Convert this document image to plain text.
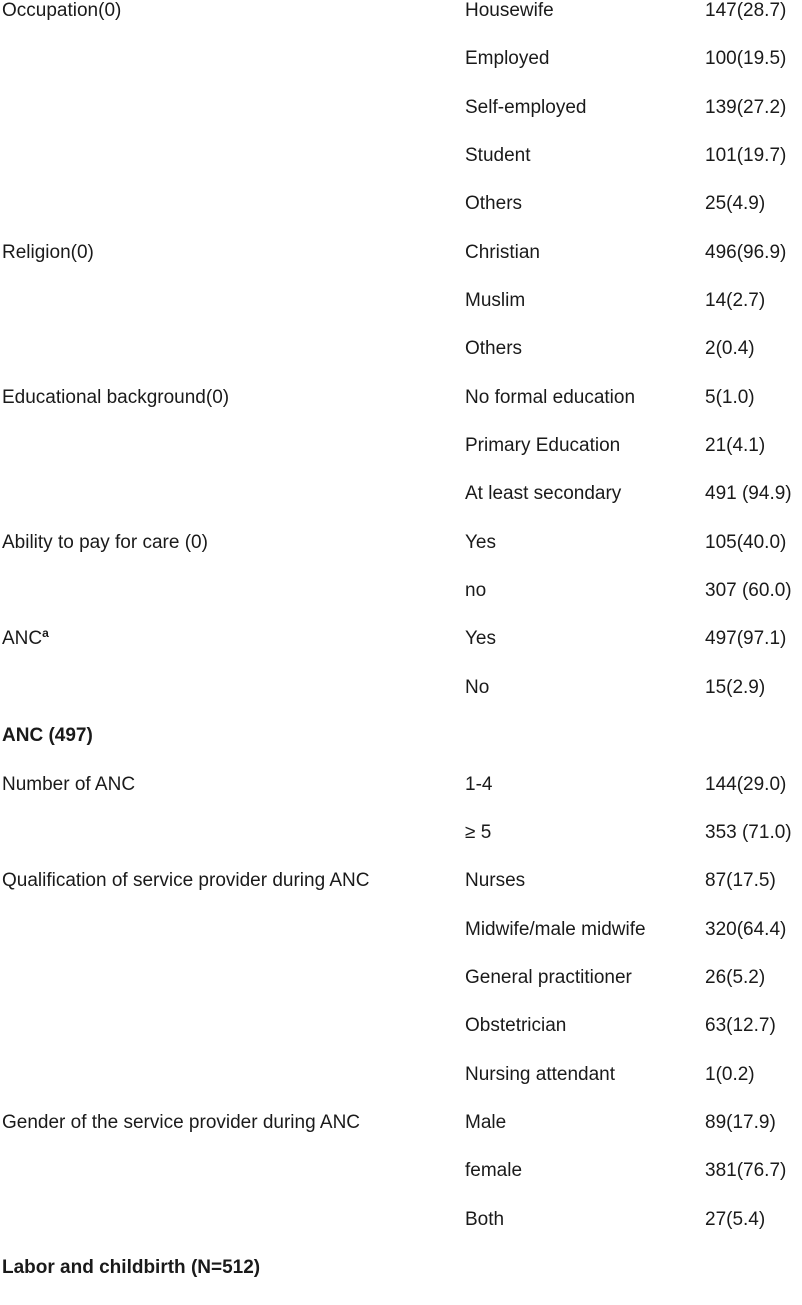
Occupation(0)	Housewife	147(28.7)
Employed	100(19.5)
Self-employed	139(27.2)
Student	101(19.7)
Others	25(4.9)
Religion(0)	Christian	496(96.9)
Muslim	14(2.7)
Others	2(0.4)
Educational background(0)	No formal education	5(1.0)
Primary Education	21(4.1)
At least secondary	491 (94.9)
Ability to pay for care (0)	Yes	105(40.0)
no	307 (60.0)
ANC$^a$	Yes	497(97.1)
No	15(2.9)
ANC (497)
Number of ANC	1-4	144(29.0)
≥ 5	353 (71.0)
Qualification of service provider during ANC	Nurses	87(17.5)
Midwife/male midwife	320(64.4)
General practitioner	26(5.2)
Obstetrician	63(12.7)
Nursing attendant	1(0.2)
Gender of the service provider during ANC	Male	89(17.9)
female	381(76.7)
Both	27(5.4)
Labor and childbirth (N=512)
